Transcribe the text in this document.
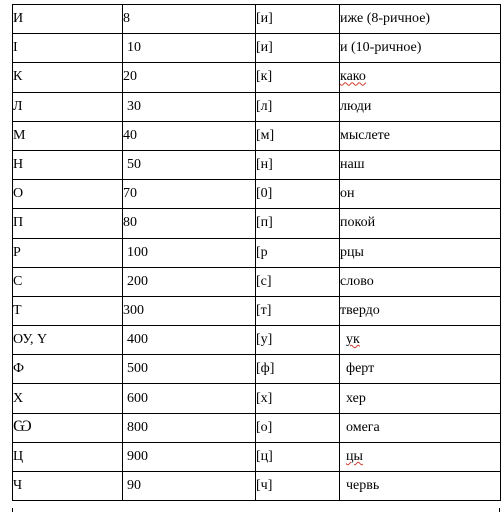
И	8	[и]	иже (8-ричное)
I	10	[и]	и (10-ричное)
К	20	[к]	како
Л	30	[л]	люди
М	40	[м]	мыслете
Н	50	[н]	наш
О	70	[0]	он
П	80	[п]	покой
Р	100	[р	рцы
С	200	[с]	слово
Т	300	[т]	твердо
ОУ, Y	400	[у]	ук
Ф	500	[ф]	ферт
Х	600	[х]	хер
Ѡ	800	[о]	омега
Ц	900	[ц]	цы
Ч	90	[ч]	червь
